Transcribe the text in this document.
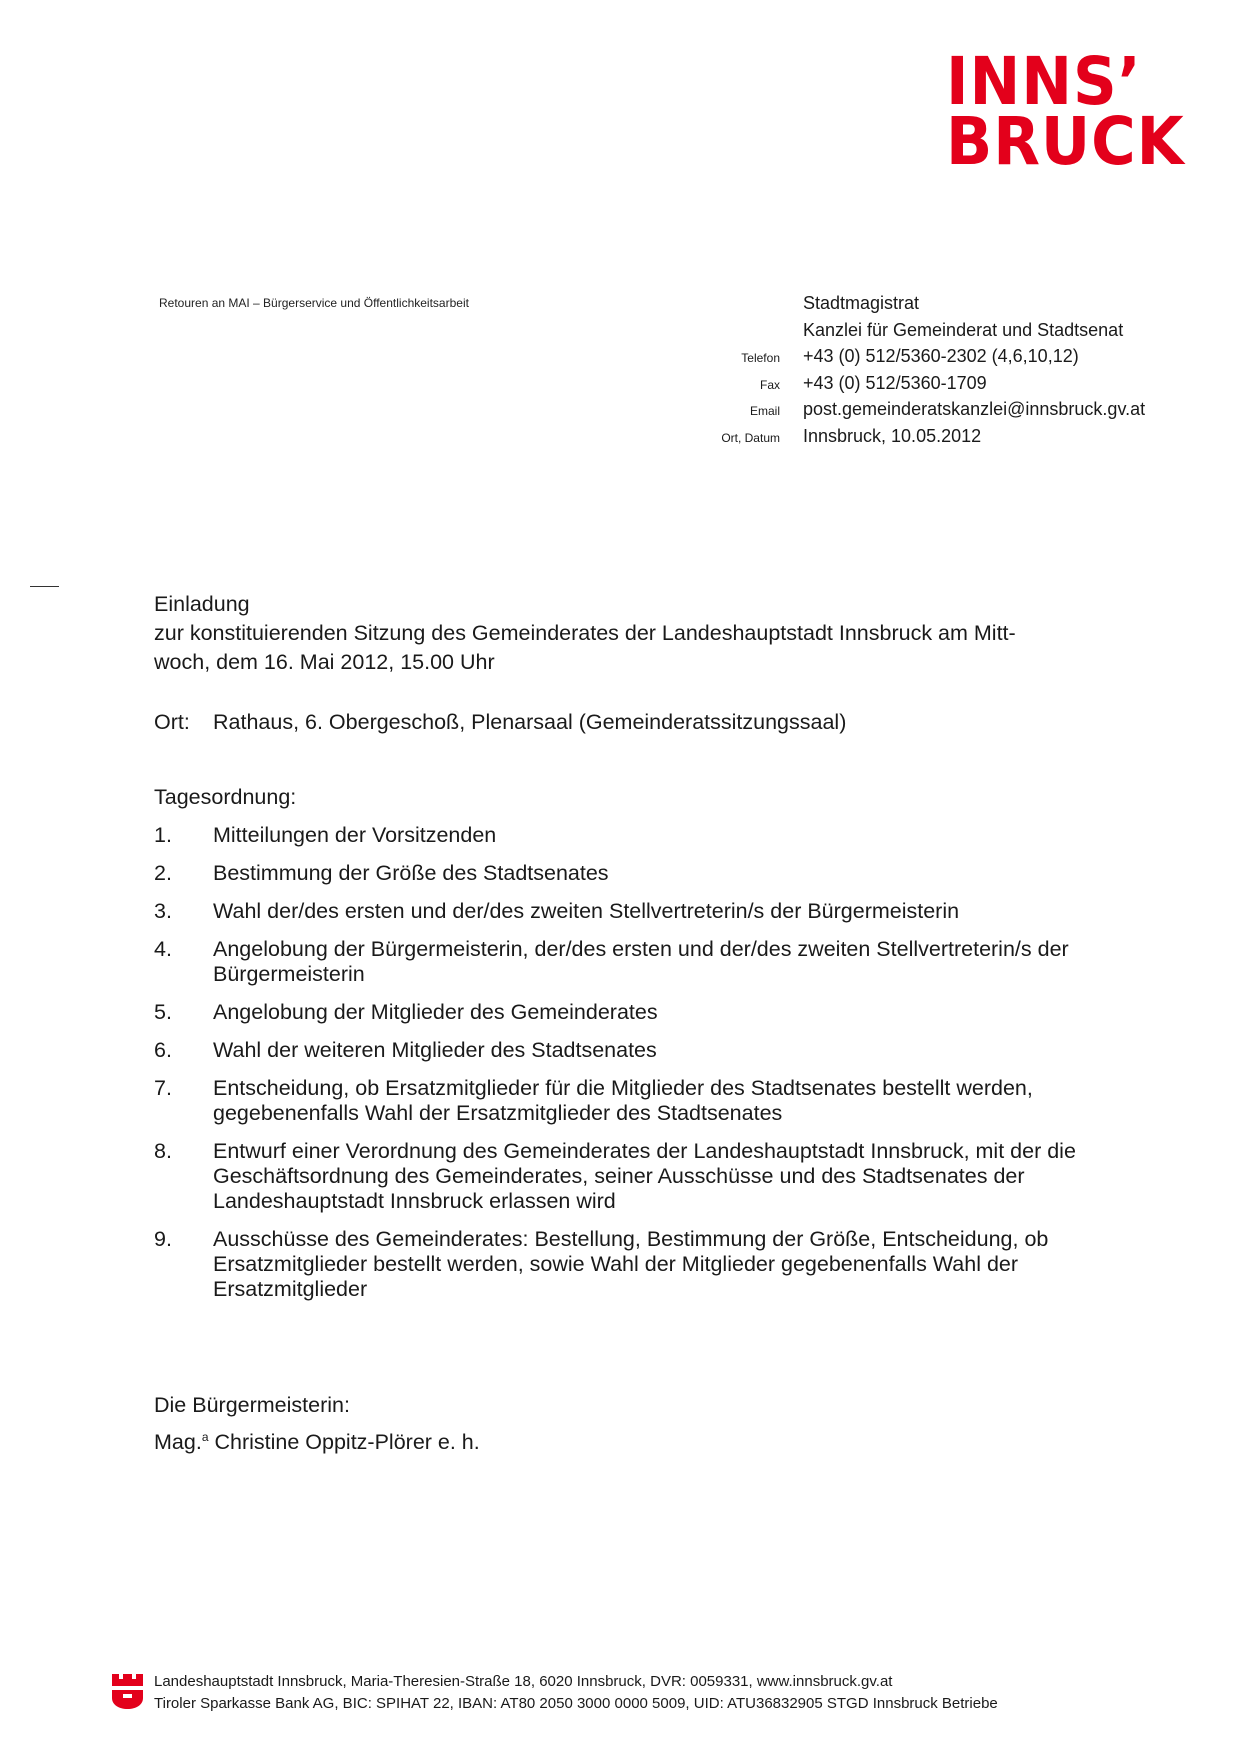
INNS’
BRUCK
Retouren an MAI – Bürgerservice und Öffentlichkeitsarbeit	Stadtmagistrat
Kanzlei für Gemeinderat und Stadtsenat
Telefon	+43 (0) 512/5360-2302 (4,6,10,12)
Fax	+43 (0) 512/5360-1709
Email	post.gemeinderatskanzlei@innsbruck.gv.at
Ort, Datum	Innsbruck, 10.05.2012
Einladung
zur konstituierenden Sitzung des Gemeinderates der Landeshauptstadt Innsbruck am Mitt-
woch, dem 16. Mai 2012, 15.00 Uhr
Ort:	Rathaus, 6. Obergeschoß, Plenarsaal (Gemeinderatssitzungssaal)
Tagesordnung:
1.	Mitteilungen der Vorsitzenden
2.	Bestimmung der Größe des Stadtsenates
3.	Wahl der/des ersten und der/des zweiten Stellvertreterin/s der Bürgermeisterin
4.	Angelobung der Bürgermeisterin, der/des ersten und der/des zweiten Stellvertreterin/s der Bürgermeisterin
5.	Angelobung der Mitglieder des Gemeinderates
6.	Wahl der weiteren Mitglieder des Stadtsenates
7.	Entscheidung, ob Ersatzmitglieder für die Mitglieder des Stadtsenates bestellt werden, gegebenenfalls Wahl der Ersatzmitglieder des Stadtsenates
8.	Entwurf einer Verordnung des Gemeinderates der Landeshauptstadt Innsbruck, mit der die Geschäftsordnung des Gemeinderates, seiner Ausschüsse und des Stadtsenates der Landeshauptstadt Innsbruck erlassen wird
9.	Ausschüsse des Gemeinderates: Bestellung, Bestimmung der Größe, Entscheidung, ob Ersatzmitglieder bestellt werden, sowie Wahl der Mitglieder gegebenenfalls Wahl der Ersatzmitglieder
Die Bürgermeisterin:
Mag.$^a$ Christine Oppitz-Plörer e. h.
Landeshauptstadt Innsbruck, Maria-Theresien-Straße 18, 6020 Innsbruck, DVR: 0059331, www.innsbruck.gv.at
Tiroler Sparkasse Bank AG, BIC: SPIHAT 22, IBAN: AT80 2050 3000 0000 5009, UID: ATU36832905 STGD Innsbruck Betriebe
